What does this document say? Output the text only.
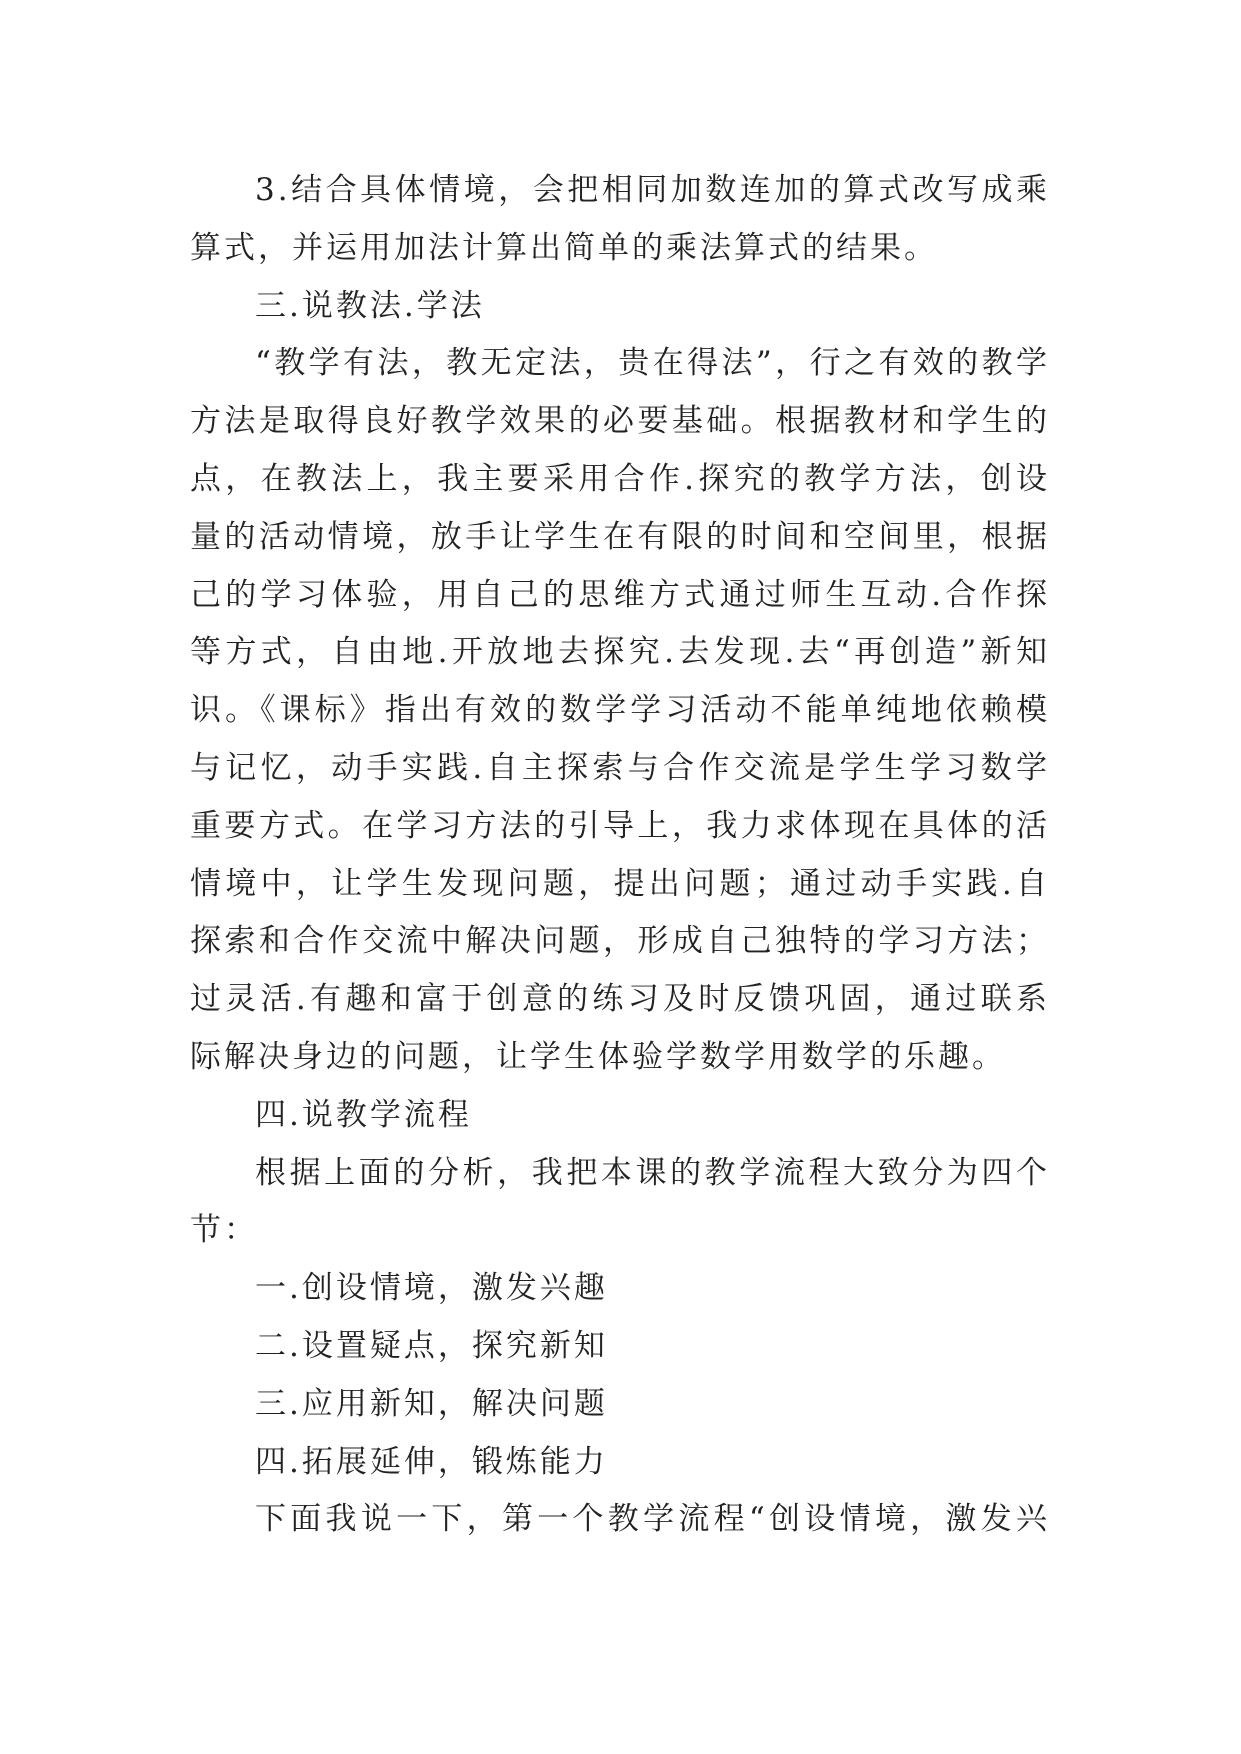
3.结合具体情境，会把相同加数连加的算式改写成乘
算式，并运用加法计算出简单的乘法算式的结果。
三.说教法.学法
“教学有法，教无定法，贵在得法”，行之有效的教学
方法是取得良好教学效果的必要基础。根据教材和学生的
点，在教法上，我主要采用合作.探究的教学方法，创设
量的活动情境，放手让学生在有限的时间和空间里，根据
己的学习体验，用自己的思维方式通过师生互动.合作探
等方式，自由地.开放地去探究.去发现.去“再创造”新知
识。《课标》指出有效的数学学习活动不能单纯地依赖模
与记忆，动手实践.自主探索与合作交流是学生学习数学
重要方式。在学习方法的引导上，我力求体现在具体的活
情境中，让学生发现问题，提出问题；通过动手实践.自
探索和合作交流中解决问题，形成自己独特的学习方法；
过灵活.有趣和富于创意的练习及时反馈巩固，通过联系
际解决身边的问题，让学生体验学数学用数学的乐趣。
四.说教学流程
根据上面的分析，我把本课的教学流程大致分为四个
节：
一.创设情境，激发兴趣
二.设置疑点，探究新知
三.应用新知，解决问题
四.拓展延伸，锻炼能力
下面我说一下，第一个教学流程“创设情境，激发兴
